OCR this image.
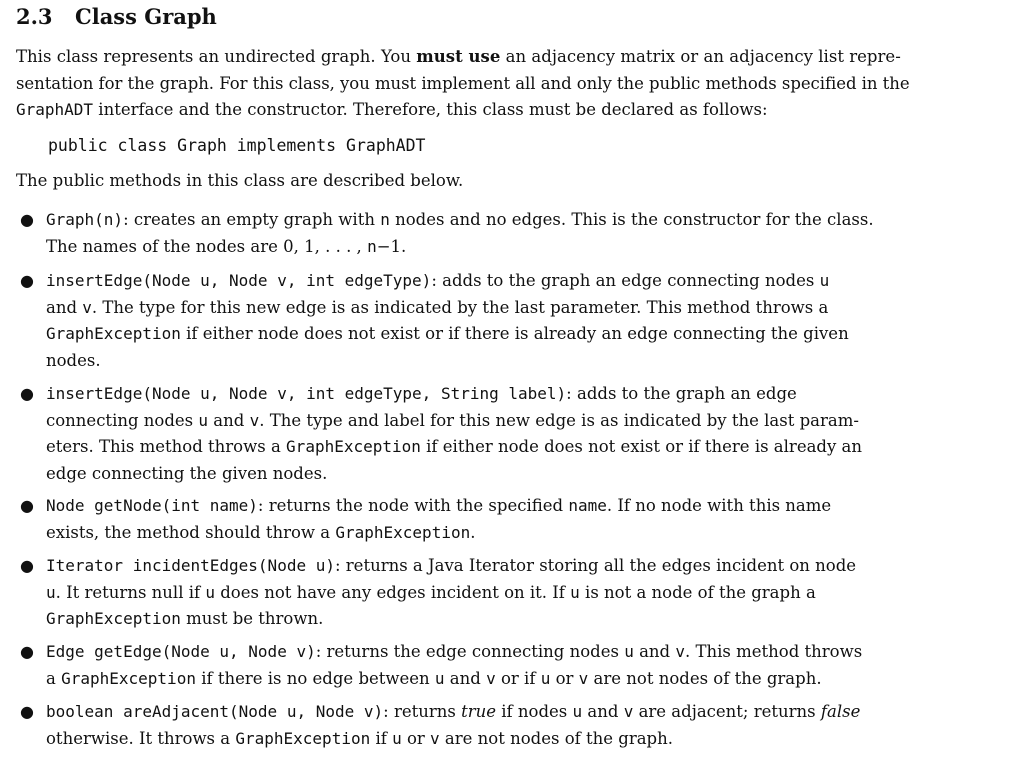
2.3 Class Graph
This class represents an undirected graph. You must use an adjacency matrix or an adjacency list repre-
sentation for the graph. For this class, you must implement all and only the public methods specified in the
GraphADT interface and the constructor. Therefore, this class must be declared as follows:
public class Graph implements GraphADT
The public methods in this class are described below.
● Graph(n): creates an empty graph with n nodes and no edges. This is the constructor for the class.
The names of the nodes are 0, 1, . . . , n−1.
● insertEdge(Node u, Node v, int edgeType): adds to the graph an edge connecting nodes u
and v. The type for this new edge is as indicated by the last parameter. This method throws a
GraphException if either node does not exist or if there is already an edge connecting the given
nodes.
● insertEdge(Node u, Node v, int edgeType, String label): adds to the graph an edge
connecting nodes u and v. The type and label for this new edge is as indicated by the last param-
eters. This method throws a GraphException if either node does not exist or if there is already an
edge connecting the given nodes.
● Node getNode(int name): returns the node with the specified name. If no node with this name
exists, the method should throw a GraphException.
● Iterator incidentEdges(Node u): returns a Java Iterator storing all the edges incident on node
u. It returns null if u does not have any edges incident on it. If u is not a node of the graph a
GraphException must be thrown.
● Edge getEdge(Node u, Node v): returns the edge connecting nodes u and v. This method throws
a GraphException if there is no edge between u and v or if u or v are not nodes of the graph.
● boolean areAdjacent(Node u, Node v): returns true if nodes u and v are adjacent; returns false
otherwise. It throws a GraphException if u or v are not nodes of the graph.
